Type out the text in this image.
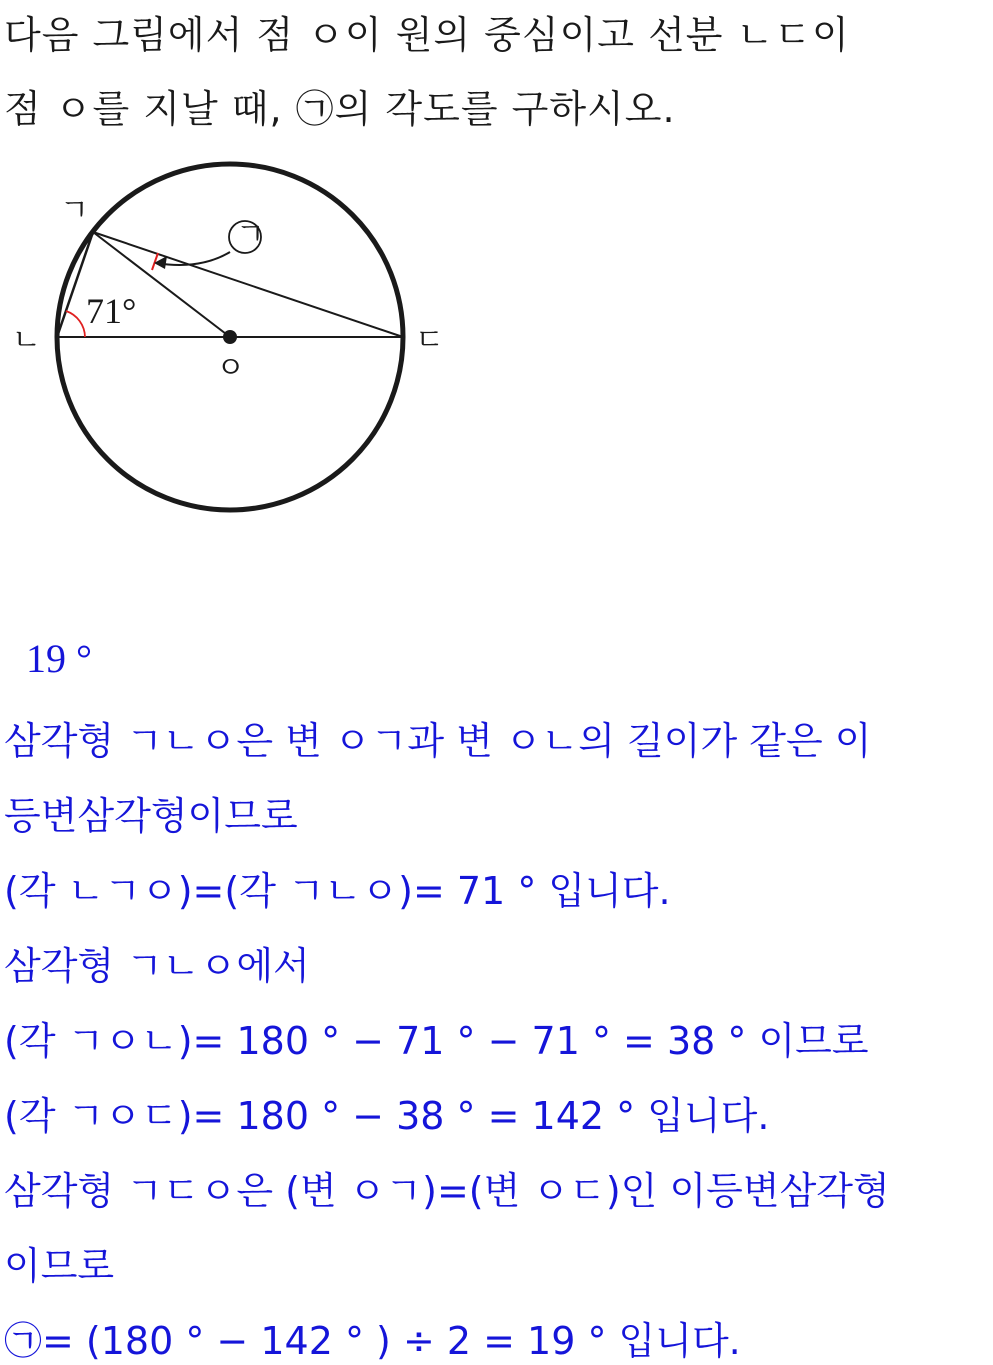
다음 그림에서 점 ㅇ이 원의 중심이고 선분 ㄴㄷ이
점 ㅇ를 지날 때, ㉠의 각도를 구하시오.
ㄱ
ㄴ	ㄷ
ㅇ
71°
ㄱ
19 °
삼각형 ㄱㄴㅇ은 변 ㅇㄱ과 변 ㅇㄴ의 길이가 같은 이
등변삼각형이므로
(각 ㄴㄱㅇ)=(각 ㄱㄴㅇ)= 71 ° 입니다.
삼각형 ㄱㄴㅇ에서
(각 ㄱㅇㄴ)= 180 ° − 71 ° − 71 ° = 38 ° 이므로
(각 ㄱㅇㄷ)= 180 ° − 38 ° = 142 ° 입니다.
삼각형 ㄱㄷㅇ은 (변 ㅇㄱ)=(변 ㅇㄷ)인 이등변삼각형
이므로
㉠= (180 ° − 142 ° ) ÷ 2 = 19 ° 입니다.
